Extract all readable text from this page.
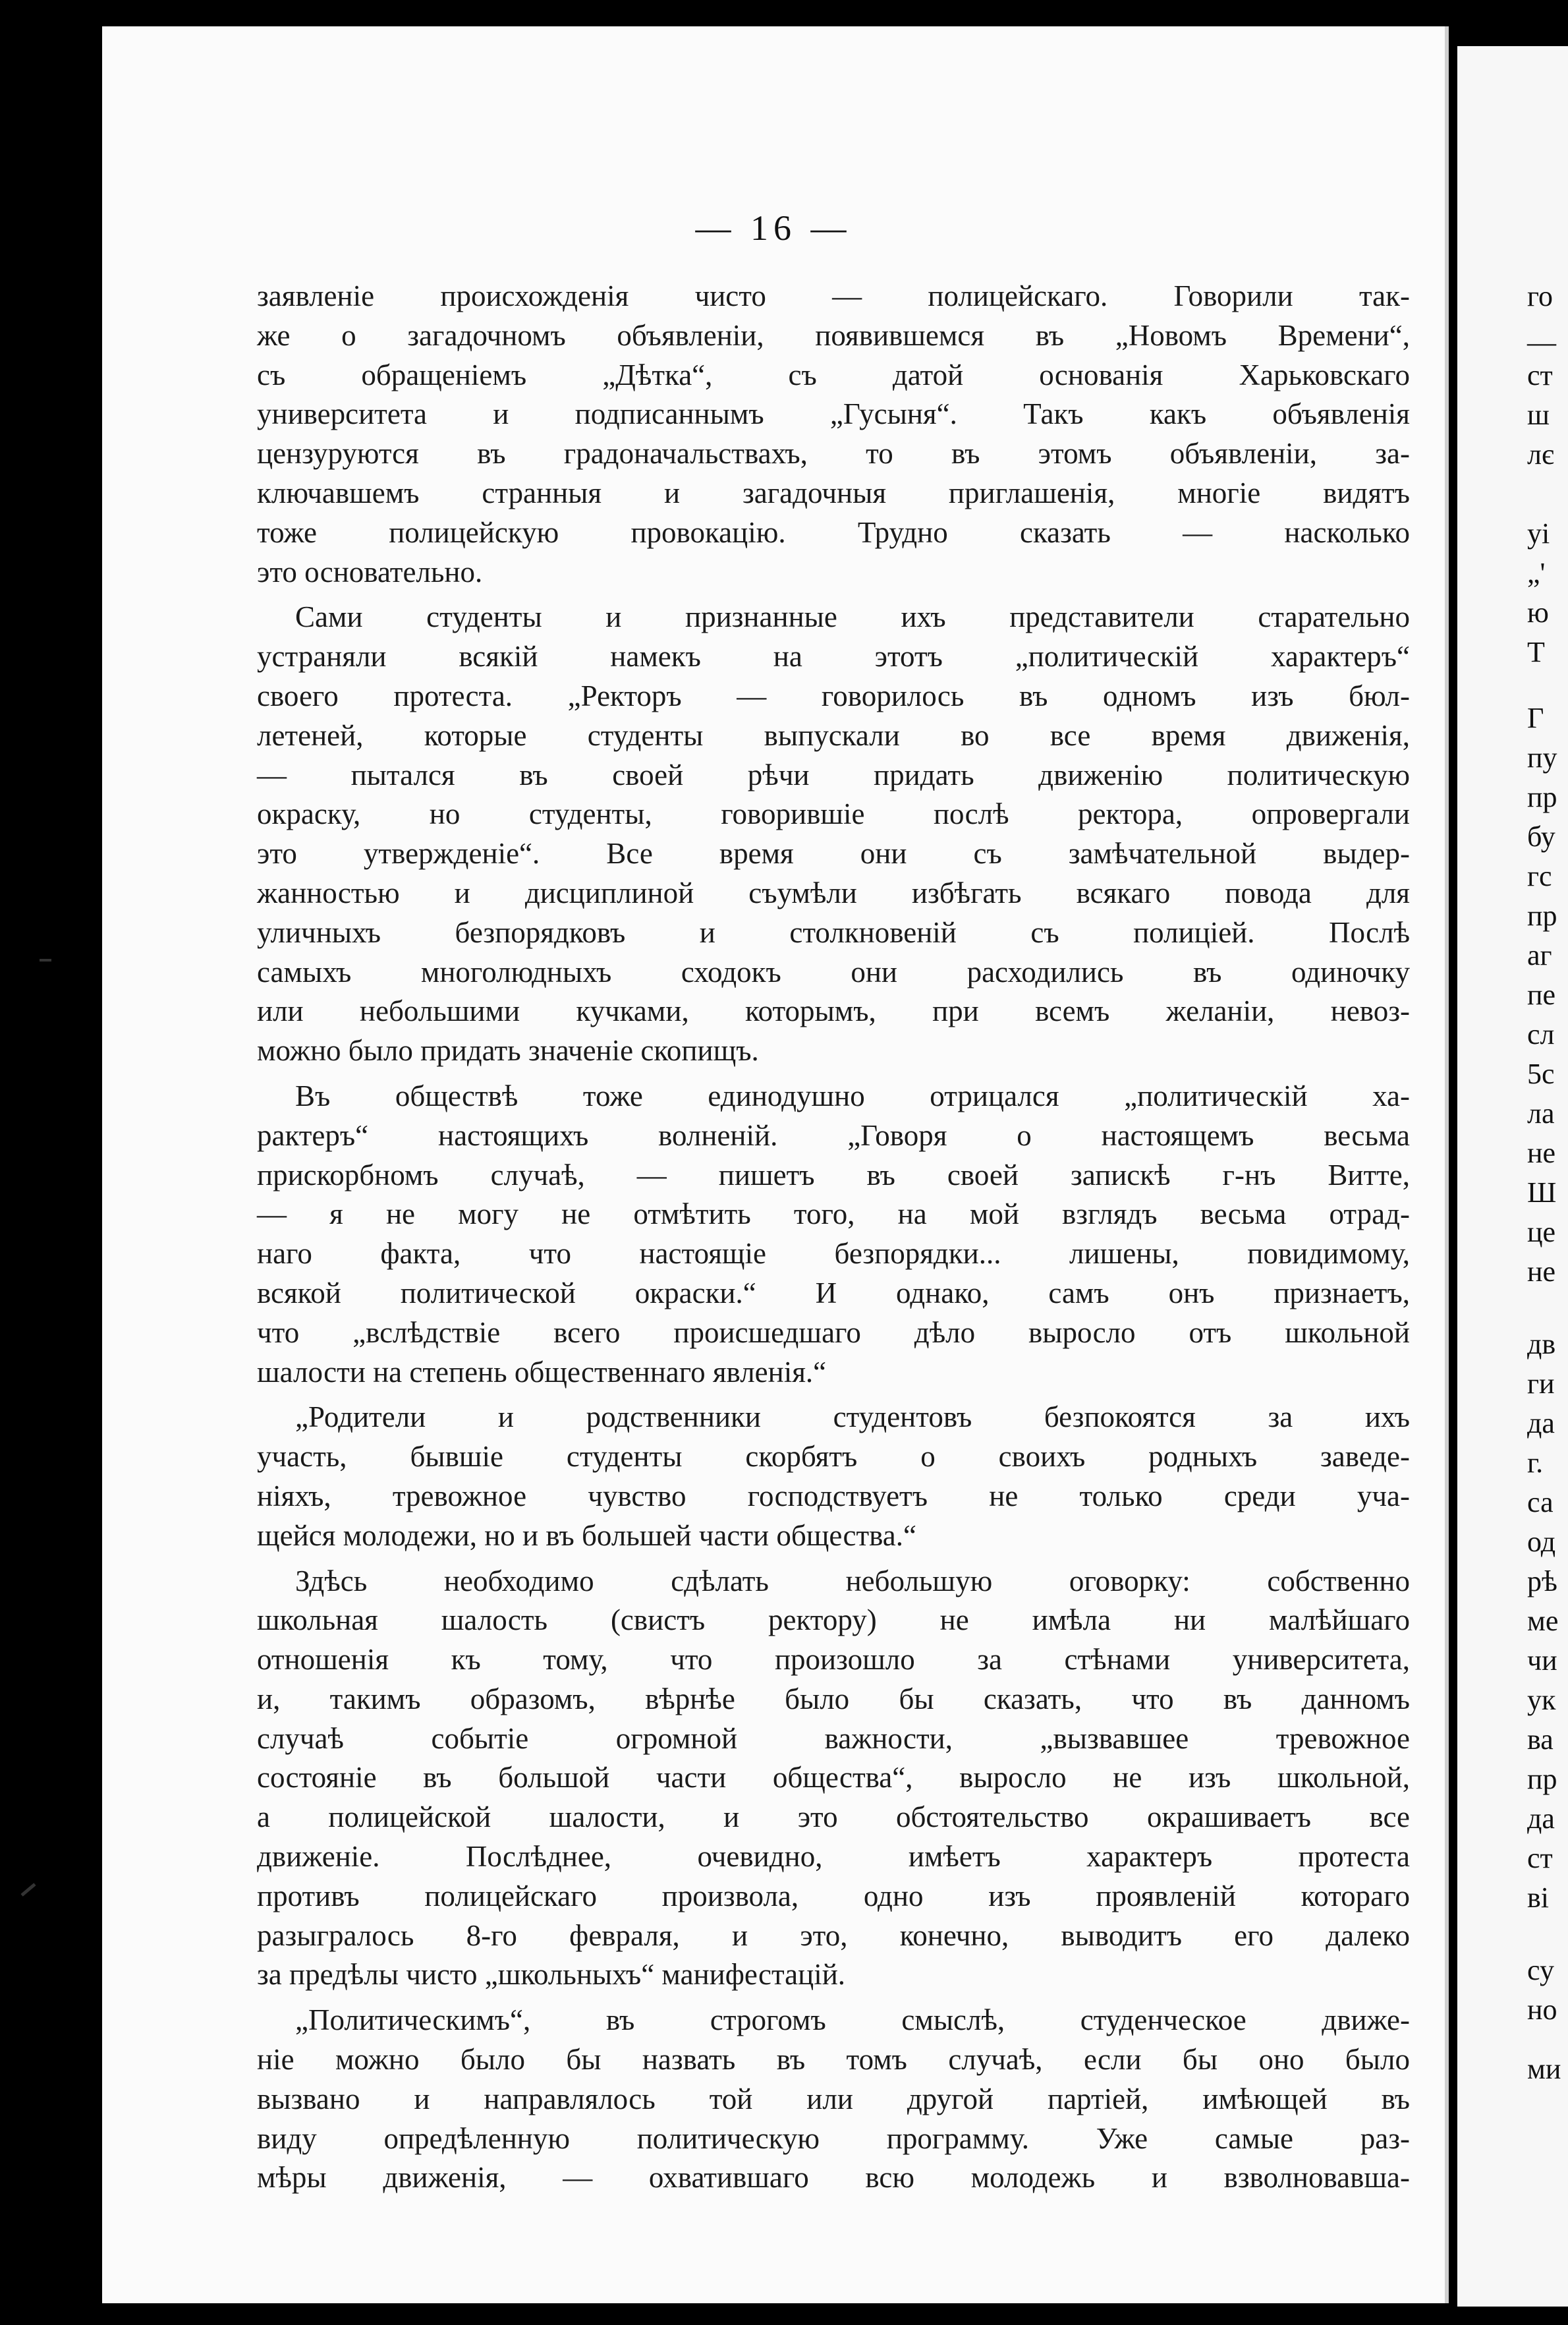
— 16 —
заявленіе происхожденія чисто — полицейскаго. Говорили так-
же о загадочномъ объявленіи, появившемся въ „Новомъ Времени“,
съ обращеніемъ „Дѣтка“, съ датой основанія Харьковскаго
университета и подписаннымъ „Гусыня“. Такъ какъ объявленія
цензуруются въ градоначальствахъ, то въ этомъ объявленіи, за-
ключавшемъ странныя и загадочныя приглашенія, многіе видятъ
тоже полицейскую провокацію. Трудно сказать — насколько
это основательно.
Сами студенты и признанные ихъ представители старательно
устраняли всякій намекъ на этотъ „политическій характеръ“
своего протеста. „Ректоръ — говорилось въ одномъ изъ бюл-
летеней, которые студенты выпускали во все время движенія,
— пытался въ своей рѣчи придать движенію политическую
окраску, но студенты, говорившіе послѣ ректора, опровергали
это утвержденіе“. Все время они съ замѣчательной выдер-
жанностью и дисциплиной съумѣли избѣгать всякаго повода для
уличныхъ безпорядковъ и столкновеній съ полиціей. Послѣ
самыхъ многолюдныхъ сходокъ они расходились въ одиночку
или небольшими кучками, которымъ, при всемъ желаніи, невоз-
можно было придать значеніе скопищъ.
Въ обществѣ тоже единодушно отрицался „политическій ха-
рактеръ“ настоящихъ волненій. „Говоря о настоящемъ весьма
прискорбномъ случаѣ, — пишетъ въ своей запискѣ г-нъ Витте,
— я не могу не отмѣтить того, на мой взглядъ весьма отрад-
наго факта, что настоящіе безпорядки... лишены, повидимому,
всякой политической окраски.“ И однако, самъ онъ признаетъ,
что „вслѣдствіе всего происшедшаго дѣло выросло отъ школьной
шалости на степень общественнаго явленія.“
„Родители и родственники студентовъ безпокоятся за ихъ
участь, бывшіе студенты скорбятъ о своихъ родныхъ заведе-
ніяхъ, тревожное чувство господствуетъ не только среди уча-
щейся молодежи, но и въ большей части общества.“
Здѣсь необходимо сдѣлать небольшую оговорку: собственно
школьная шалость (свистъ ректору) не имѣла ни малѣйшаго
отношенія къ тому, что произошло за стѣнами университета,
и, такимъ образомъ, вѣрнѣе было бы сказать, что въ данномъ
случаѣ событіе огромной важности, „вызвавшее тревожное
состояніе въ большой части общества“, выросло не изъ школьной,
а полицейской шалости, и это обстоятельство окрашиваетъ все
движеніе. Послѣднее, очевидно, имѣетъ характеръ протеста
противъ полицейскаго произвола, одно изъ проявленій котораго
разыгралось 8-го февраля, и это, конечно, выводитъ его далеко
за предѣлы чисто „школьныхъ“ манифестацій.
„Политическимъ“, въ строгомъ смыслѣ, студенческое движе-
ніе можно было бы назвать въ томъ случаѣ, если бы оно было
вызвано и направлялось той или другой партіей, имѣющей въ
виду опредѣленную политическую программу. Уже самые раз-
мѣры движенія, — охватившаго всю молодежь и взволновавша-
го
—
ст
ш
лє
уі
„'
ю
Т
Г
пу
пр
бу
гс
пр
аг
пе
сл
5с
ла
не
Ш
це
не
дв
ги
да
г.
са
од
рѣ
ме
чи
ук
ва
пр
да
ст
ві
су
но
ми
